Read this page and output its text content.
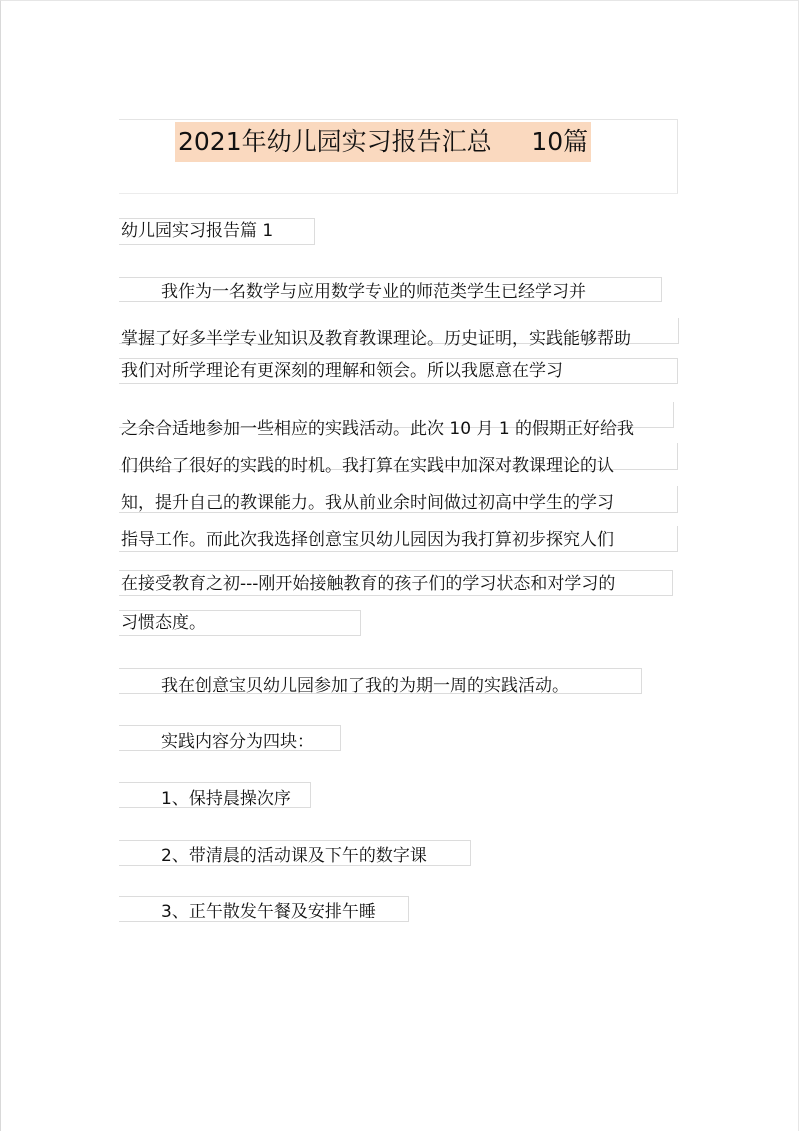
2021年幼儿园实习报告汇总     10篇
幼儿园实习报告篇 1
我作为一名数学与应用数学专业的师范类学生已经学习并
掌握了好多半学专业知识及教育教课理论。历史证明，实践能够帮助
我们对所学理论有更深刻的理解和领会。所以我愿意在学习
之余合适地参加一些相应的实践活动。此次 10 月 1 的假期正好给我
们供给了很好的实践的时机。我打算在实践中加深对教课理论的认
知，提升自己的教课能力。我从前业余时间做过初高中学生的学习
指导工作。而此次我选择创意宝贝幼儿园因为我打算初步探究人们
在接受教育之初---刚开始接触教育的孩子们的学习状态和对学习的
习惯态度。
我在创意宝贝幼儿园参加了我的为期一周的实践活动。
实践内容分为四块：
1、保持晨操次序
2、带清晨的活动课及下午的数字课
3、正午散发午餐及安排午睡
